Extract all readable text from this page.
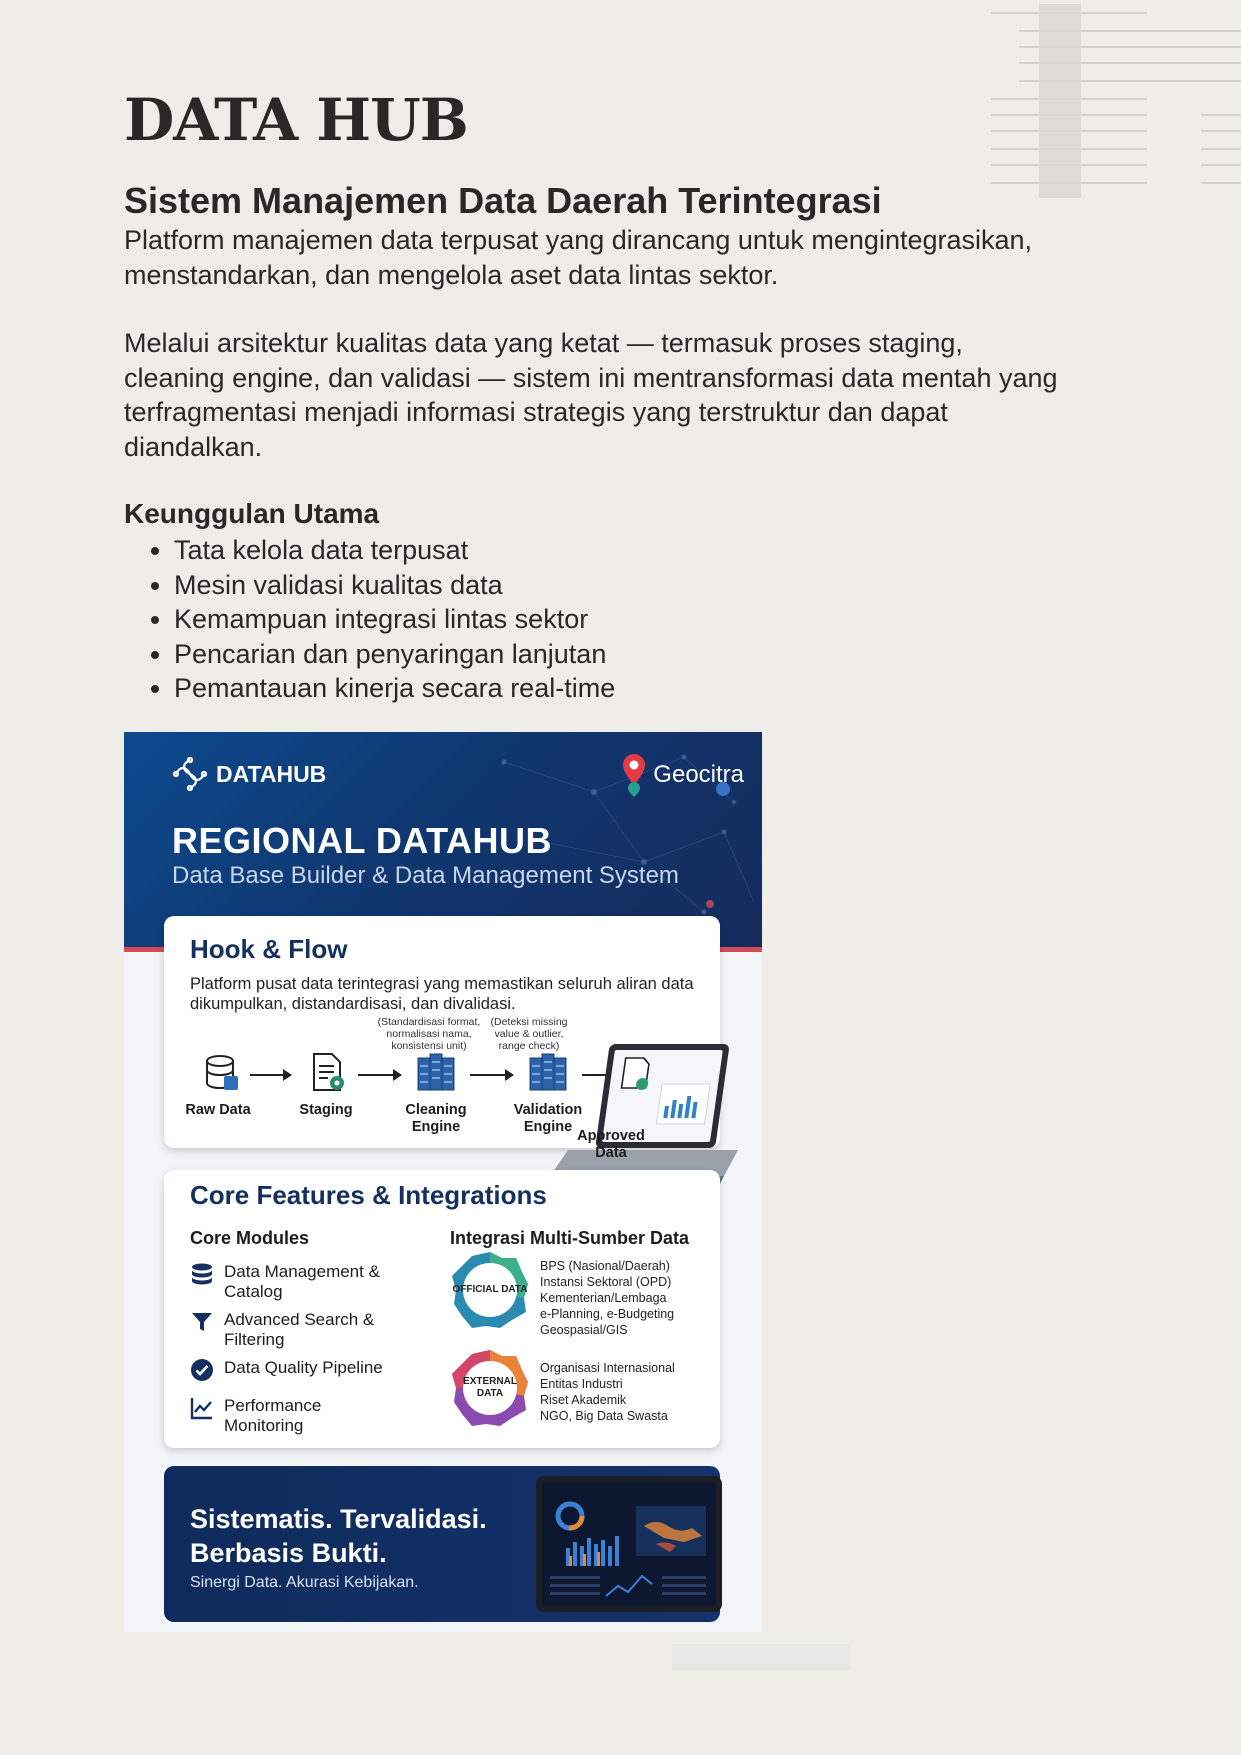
DATA HUB
Sistem Manajemen Data Daerah Terintegrasi

Platform manajemen data terpusat yang dirancang untuk mengintegrasikan, menstandarkan, dan mengelola aset data lintas sektor.

Melalui arsitektur kualitas data yang ketat — termasuk proses staging, cleaning engine, dan validasi — sistem ini mentransformasi data mentah yang terfragmentasi menjadi informasi strategis yang terstruktur dan dapat diandalkan.

Keunggulan Utama
• Tata kelola data terpusat
• Mesin validasi kualitas data
• Kemampuan integrasi lintas sektor
• Pencarian dan penyaringan lanjutan
• Pemantauan kinerja secara real-time
DATAHUB	Geocitra
REGIONAL DATAHUB
Data Base Builder & Data Management System
Hook & Flow
Platform pusat data terintegrasi yang memastikan seluruh aliran data dikumpulkan, distandardisasi, dan divalidasi.
(Standardisasi format, normalisasi nama, konsistensi unit)
(Deteksi missing value & outlier, range check)
Raw Data	Staging	Cleaning Engine
Validation Engine
Approved Data
Core Features & Integrations
Core Modules	Integrasi Multi-Sumber Data
Data Management & Catalog
Advanced Search & Filtering
Data Quality Pipeline
Performance Monitoring
OFFICIAL DATA
BPS (Nasional/Daerah)
Instansi Sektoral (OPD)
Kementerian/Lembaga
e-Planning, e-Budgeting
Geospasial/GIS
EXTERNAL DATA
Organisasi Internasional
Entitas Industri
Riset Akademik
NGO, Big Data Swasta
Sistematis. Tervalidasi.
Berbasis Bukti.
Sinergi Data. Akurasi Kebijakan.
